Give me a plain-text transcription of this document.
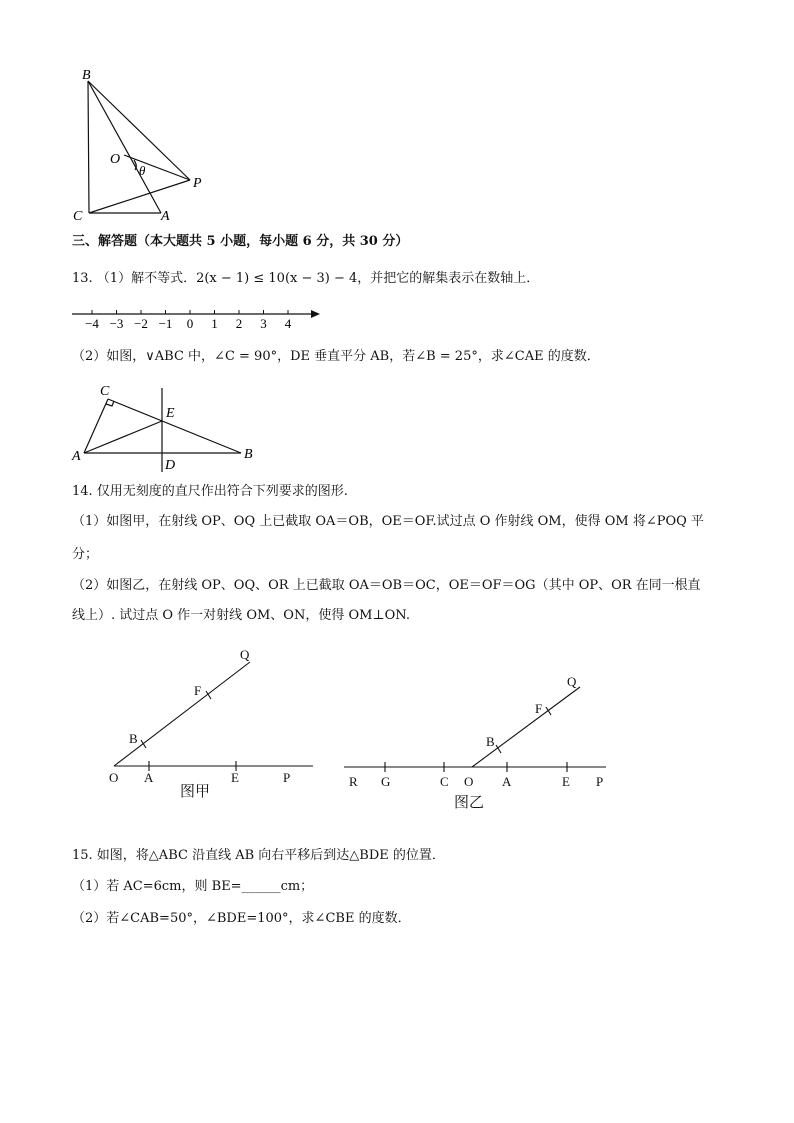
B
O
θ
P
C	A
三、解答题（本大题共 5 小题，每小题 6 分，共 30 分）
13. （1）解不等式．2(x − 1) ≤ 10(x − 3) − 4，并把它的解集表示在数轴上．
−4 −3 −2 −1 0 1 2 3 4
（2）如图，∨ABC 中，∠C = 90°，DE 垂直平分 AB，若∠B = 25°，求∠CAE 的度数．
C
E
A
D
B
14. 仅用无刻度的直尺作出符合下列要求的图形.
（1）如图甲，在射线 OP、OQ 上已截取 OA＝OB，OE＝OF.试过点 O 作射线 OM，使得 OM 将∠POQ 平
分；
（2）如图乙，在射线 OP、OQ、OR 上已截取 OA＝OB＝OC，OE＝OF＝OG（其中 OP、OR 在同一根直
线上）. 试过点 O 作一对射线 OM、ON，使得 OM⊥ON.
Q
F
B
O A	E	P
图甲
Q
F
B
R G	C O A	E P
图乙
15. 如图，将△ABC 沿直线 AB 向右平移后到达△BDE 的位置．
（1）若 AC=6cm，则 BE=______cm；
（2）若∠CAB=50°，∠BDE=100°，求∠CBE 的度数．
